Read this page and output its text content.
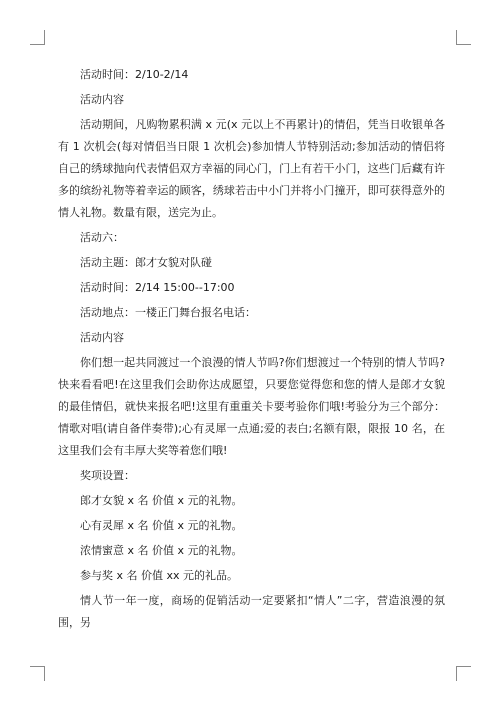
活动时间：2/10-2/14

活动内容

活动期间，凡购物累积满 x 元(x 元以上不再累计)的情侣，凭当日收银单各有 1 次机会(每对情侣当日限 1 次机会)参加情人节特别活动;参加活动的情侣将自己的绣球抛向代表情侣双方幸福的同心门，门上有若干小门，这些门后藏有许多的缤纷礼物等着幸运的顾客，绣球若击中小门并将小门撞开，即可获得意外的情人礼物。数量有限，送完为止。

活动六：

活动主题：郎才女貌对队碰

活动时间：2/14 15:00--17:00

活动地点：一楼正门舞台报名电话：

活动内容

你们想一起共同渡过一个浪漫的情人节吗?你们想渡过一个特别的情人节吗?快来看看吧!在这里我们会助你达成愿望，只要您觉得您和您的情人是郎才女貌的最佳情侣，就快来报名吧!这里有重重关卡要考验你们哦!考验分为三个部分：情歌对唱(请自备伴奏带);心有灵犀一点通;爱的表白;名额有限，限报 10 名，在这里我们会有丰厚大奖等着您们哦!

奖项设置：

郎才女貌 x 名 价值 x 元的礼物。

心有灵犀 x 名 价值 x 元的礼物。

浓情蜜意 x 名 价值 x 元的礼物。

参与奖 x 名 价值 xx 元的礼品。

情人节一年一度，商场的促销活动一定要紧扣“情人”二字，营造浪漫的氛围，另
